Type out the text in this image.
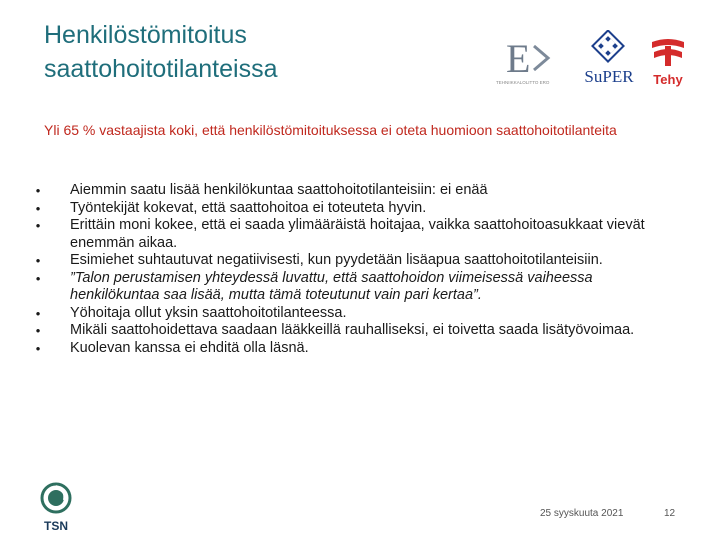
Henkilöstömitoitus
saattohoitotilanteissa	E
TEHNIIKKALOLITTO ERO SuPER Tehy
Yli 65 % vastaajista koki, että henkilöstömitoituksessa ei oteta huomioon saattohoitotilanteita
•	Aiemmin saatu lisää henkilökuntaa saattohoitotilanteisiin: ei enää
•	Työntekijät kokevat, että saattohoitoa ei toteuteta hyvin.
•	Erittäin moni kokee, että ei saada ylimääräistä hoitajaa, vaikka saattohoitoasukkaat vievät enemmän aikaa.
•	Esimiehet suhtautuvat negatiivisesti, kun pyydetään lisäapua saattohoitotilanteisiin.
•	”Talon perustamisen yhteydessä luvattu, että saattohoidon viimeisessä vaiheessa henkilökuntaa saa lisää, mutta tämä toteutunut vain pari kertaa”.
•	Yöhoitaja ollut yksin saattohoitotilanteessa.
•	Mikäli saattohoidettava saadaan lääkkeillä rauhalliseksi, ei toivetta saada lisätyövoimaa.
•	Kuolevan kanssa ei ehditä olla läsnä.
TSN
25 syyskuuta 2021	12
